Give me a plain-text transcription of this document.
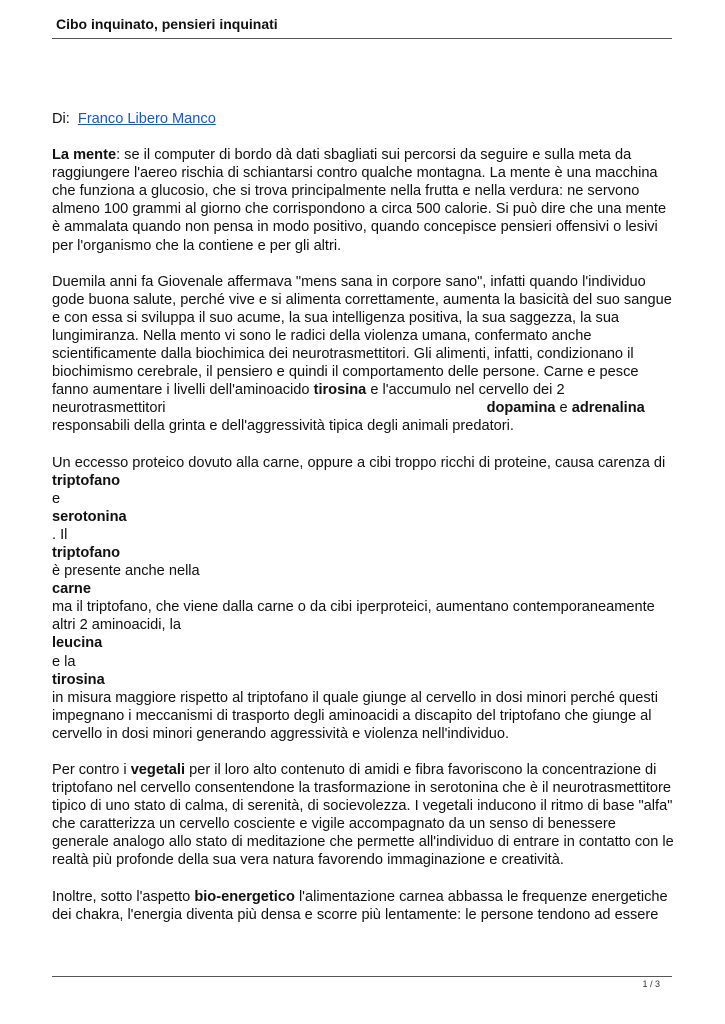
Cibo inquinato, pensieri inquinati
Di: Franco Libero Manco

La mente: se il computer di bordo dà dati sbagliati sui percorsi da seguire e sulla meta da raggiungere l'aereo rischia di schiantarsi contro qualche montagna. La mente è una macchina che funziona a glucosio, che si trova principalmente nella frutta e nella verdura: ne servono almeno 100 grammi al giorno che corrispondono a circa 500 calorie. Si può dire che una mente è ammalata quando non pensa in modo positivo, quando concepisce pensieri offensivi o lesivi per l'organismo che la contiene e per gli altri.

Duemila anni fa Giovenale affermava "mens sana in corpore sano", infatti quando l'individuo gode buona salute, perché vive e si alimenta correttamente, aumenta la basicità del suo sangue e con essa si sviluppa il suo acume, la sua intelligenza positiva, la sua saggezza, la sua lungimiranza. Nella mento vi sono le radici della violenza umana, confermato anche scientificamente dalla biochimica dei neurotrasmettitori. Gli alimenti, infatti, condizionano il biochimismo cerebrale, il pensiero e quindi il comportamento delle persone. Carne e pesce fanno aumentare i livelli dell'aminoacido tirosina e l'accumulo nel cervello dei 2 neurotrasmettitori	dopamina e adrenalina
responsabili della grinta e dell'aggressività tipica degli animali predatori.

Un eccesso proteico dovuto alla carne, oppure a cibi troppo ricchi di proteine, causa carenza di
triptofano
e
serotonina
. Il
triptofano
è presente anche nella
carne
ma il triptofano, che viene dalla carne o da cibi iperproteici, aumentano contemporaneamente altri 2 aminoacidi, la
leucina
e la
tirosina
in misura maggiore rispetto al triptofano il quale giunge al cervello in dosi minori perché questi impegnano i meccanismi di trasporto degli aminoacidi a discapito del triptofano che giunge al cervello in dosi minori generando aggressività e violenza nell'individuo.

Per contro i vegetali per il loro alto contenuto di amidi e fibra favoriscono la concentrazione di triptofano nel cervello consentendone la trasformazione in serotonina che è il neurotrasmettitore tipico di uno stato di calma, di serenità, di socievolezza. I vegetali inducono il ritmo di base "alfa" che caratterizza un cervello cosciente e vigile accompagnato da un senso di benessere generale analogo allo stato di meditazione che permette all'individuo di entrare in contatto con le realtà più profonde della sua vera natura favorendo immaginazione e creatività.

Inoltre, sotto l'aspetto bio-energetico l'alimentazione carnea abbassa le frequenze energetiche dei chakra, l'energia diventa più densa e scorre più lentamente: le persone tendono ad essere

1 / 3
